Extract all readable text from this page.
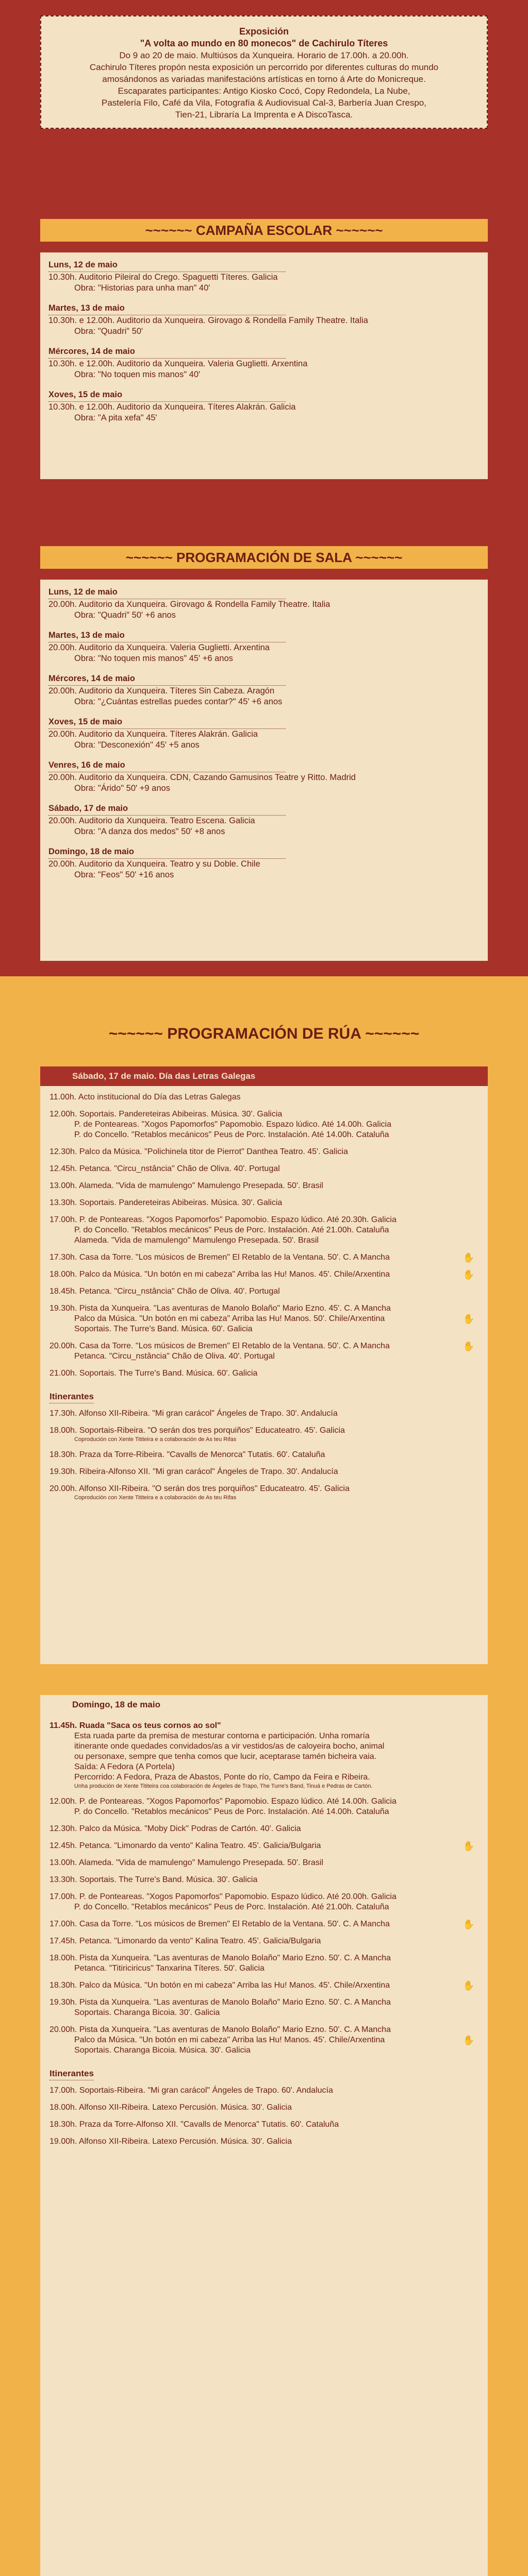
Exposición
"A volta ao mundo en 80 monecos" de Cachirulo Títeres
Do 9 ao 20 de maio. Multiúsos da Xunqueira. Horario de 17.00h. a 20.00h.
Cachirulo Títeres propón nesta exposición un percorrido por diferentes culturas do mundo
amosándonos as variadas manifestacións artísticas en torno á Arte do Monicreque.
Escaparates participantes: Antigo Kiosko Cocó, Copy Redondela, La Nube,
Pastelería Filo, Café da Vila, Fotografía & Audiovisual Cal-3, Barbería Juan Crespo,
Tien-21, Libraría La Imprenta e A DiscoTasca.
~~~~~~ CAMPAÑA ESCOLAR ~~~~~~
Luns, 12 de maio
10.30h. Auditorio Pileiral do Crego. Spaguetti Títeres. Galicia
Obra: "Historias para unha man" 40'
Martes, 13 de maio
10.30h. e 12.00h. Auditorio da Xunqueira. Girovago & Rondella Family Theatre. Italia
Obra: "Quadri" 50'
Mércores, 14 de maio
10.30h. e 12.00h. Auditorio da Xunqueira. Valeria Guglietti. Arxentina
Obra: "No toquen mis manos" 40'
Xoves, 15 de maio
10.30h. e 12.00h. Auditorio da Xunqueira. Títeres Alakrán. Galicia
Obra: "A pita xefa" 45'
~~~~~~ PROGRAMACIÓN DE SALA ~~~~~~
Luns, 12 de maio
20.00h. Auditorio da Xunqueira. Girovago & Rondella Family Theatre. Italia
Obra: "Quadri" 50' +6 anos
Martes, 13 de maio
20.00h. Auditorio da Xunqueira. Valeria Guglietti. Arxentina
Obra: "No toquen mis manos" 45' +6 anos
Mércores, 14 de maio
20.00h. Auditorio da Xunqueira. Títeres Sin Cabeza. Aragón
Obra: "¿Cuántas estrellas puedes contar?" 45' +6 anos
Xoves, 15 de maio
20.00h. Auditorio da Xunqueira. Títeres Alakrán. Galicia
Obra: "Desconexión" 45' +5 anos
Venres, 16 de maio
20.00h. Auditorio da Xunqueira. CDN, Cazando Gamusinos Teatre y Ritto. Madrid
Obra: "Árido" 50' +9 anos
Sábado, 17 de maio
20.00h. Auditorio da Xunqueira. Teatro Escena. Galicia
Obra: "A danza dos medos" 50' +8 anos
Domingo, 18 de maio
20.00h. Auditorio da Xunqueira. Teatro y su Doble. Chile
Obra: "Feos" 50' +16 anos
~~~~~~ PROGRAMACIÓN DE RÚA ~~~~~~
Sábado, 17 de maio. Día das Letras Galegas
11.00h. Acto institucional do Día das Letras Galegas
12.00h. Soportais. Pandereteiras Abibeiras. Música. 30'. Galicia
P. de Ponteareas. "Xogos Papomorfos" Papomobio. Espazo lúdico. Até 14.00h. Galicia
P. do Concello. "Retablos mecánicos" Peus de Porc. Instalación. Até 14.00h. Cataluña
12.30h. Palco da Música. "Polichinela titor de Pierrot" Danthea Teatro. 45'. Galicia
12.45h. Petanca. "Circu_nstância" Chão de Oliva. 40'. Portugal
13.00h. Alameda. "Vida de mamulengo" Mamulengo Presepada. 50'. Brasil
13.30h. Soportais. Pandereteiras Abibeiras. Música. 30'. Galicia
17.00h. P. de Ponteareas. "Xogos Papomorfos" Papomobio. Espazo lúdico. Até 20.30h. Galicia
P. do Concello. "Retablos mecánicos" Peus de Porc. Instalación. Até 21.00h. Cataluña
Alameda. "Vida de mamulengo" Mamulengo Presepada. 50'. Brasil
17.30h. Casa da Torre. "Los músicos de Bremen" El Retablo de la Ventana. 50'. C. A Mancha	✋
18.00h. Palco da Música. "Un botón en mi cabeza" Arriba las Hu! Manos. 45'. Chile/Arxentina	✋
18.45h. Petanca. "Circu_nstância" Chão de Oliva. 40'. Portugal
19.30h. Pista da Xunqueira. "Las aventuras de Manolo Bolaño" Mario Ezno. 45'. C. A Mancha
Palco da Música. "Un botón en mi cabeza" Arriba las Hu! Manos. 50'. Chile/Arxentina	✋
Soportais. The Turre's Band. Música. 60'. Galicia
20.00h. Casa da Torre. "Los músicos de Bremen" El Retablo de la Ventana. 50'. C. A Mancha	✋
Petanca. "Circu_nstância" Chão de Oliva. 40'. Portugal
21.00h. Soportais. The Turre's Band. Música. 60'. Galicia
Itinerantes
17.30h. Alfonso XII-Ribeira. "Mi gran carácol" Ángeles de Trapo. 30'. Andalucía
18.00h. Soportais-Ribeira. "O serán dos tres porquiños" Educateatro. 45'. Galicia
Coprodución con Xente Tititeira e a colaboración de As teu Rifas
18.30h. Praza da Torre-Ribeira. "Cavalls de Menorca" Tutatis. 60'. Cataluña
19.30h. Ribeira-Alfonso XII. "Mi gran carácol" Ángeles de Trapo. 30'. Andalucía
20.00h. Alfonso XII-Ribeira. "O serán dos tres porquiños" Educateatro. 45'. Galicia
Coprodución con Xente Tititeira e a colaboración de As teu Rifas
Domingo, 18 de maio
11.45h. Ruada "Saca os teus cornos ao sol"
Esta ruada parte da premisa de mesturar contorna e participación. Unha romaría
itinerante onde quedades convidados/as a vir vestidos/as de caloyeira bocho, animal
ou personaxe, sempre que tenha comos que lucir, aceptarase tamén bicheira vaia.
Saída: A Fedora (A Portela)
Percorrido: A Fedora, Praza de Abastos, Ponte do río, Campo da Feira e Ribeira.
Unha produción de Xente Tititeira coa colaboración de Ángeles de Trapo, The Turre's Band, Tinuá e Pedras de Cartón.
12.00h. P. de Ponteareas. "Xogos Papomorfos" Papomobio. Espazo lúdico. Até 14.00h. Galicia
P. do Concello. "Retablos mecánicos" Peus de Porc. Instalación. Até 14.00h. Cataluña
12.30h. Palco da Música. "Moby Dick" Podras de Cartón. 40'. Galicia
12.45h. Petanca. "Limonardo da vento" Kalina Teatro. 45'. Galicia/Bulgaria	✋
13.00h. Alameda. "Vida de mamulengo" Mamulengo Presepada. 50'. Brasil
13.30h. Soportais. The Turre's Band. Música. 30'. Galicia
17.00h. P. de Ponteareas. "Xogos Papomorfos" Papomobio. Espazo lúdico. Até 20.00h. Galicia
P. do Concello. "Retablos mecánicos" Peus de Porc. Instalación. Até 21.00h. Cataluña
17.00h. Casa da Torre. "Los músicos de Bremen" El Retablo de la Ventana. 50'. C. A Mancha	✋
17.45h. Petanca. "Limonardo da vento" Kalina Teatro. 45'. Galicia/Bulgaria
18.00h. Pista da Xunqueira. "Las aventuras de Manolo Bolaño" Mario Ezno. 50'. C. A Mancha
Petanca. "Titiriciricus" Tanxarina Títeres. 50'. Galicia
18.30h. Palco da Música. "Un botón en mi cabeza" Arriba las Hu! Manos. 45'. Chile/Arxentina	✋
19.30h. Pista da Xunqueira. "Las aventuras de Manolo Bolaño" Mario Ezno. 50'. C. A Mancha
Soportais. Charanga Bicoia. 30'. Galicia
20.00h. Pista da Xunqueira. "Las aventuras de Manolo Bolaño" Mario Ezno. 50'. C. A Mancha
Palco da Música. "Un botón en mi cabeza" Arriba las Hu! Manos. 45'. Chile/Arxentina	✋
Soportais. Charanga Bicoia. Música. 30'. Galicia
Itinerantes
17.00h. Soportais-Ribeira. "Mi gran carácol" Ángeles de Trapo. 60'. Andalucía
18.00h. Alfonso XII-Ribeira. Latexo Percusión. Música. 30'. Galicia
18.30h. Praza da Torre-Alfonso XII. "Cavalls de Menorca" Tutatis. 60'. Cataluña
19.00h. Alfonso XII-Ribeira. Latexo Percusión. Música. 30'. Galicia
